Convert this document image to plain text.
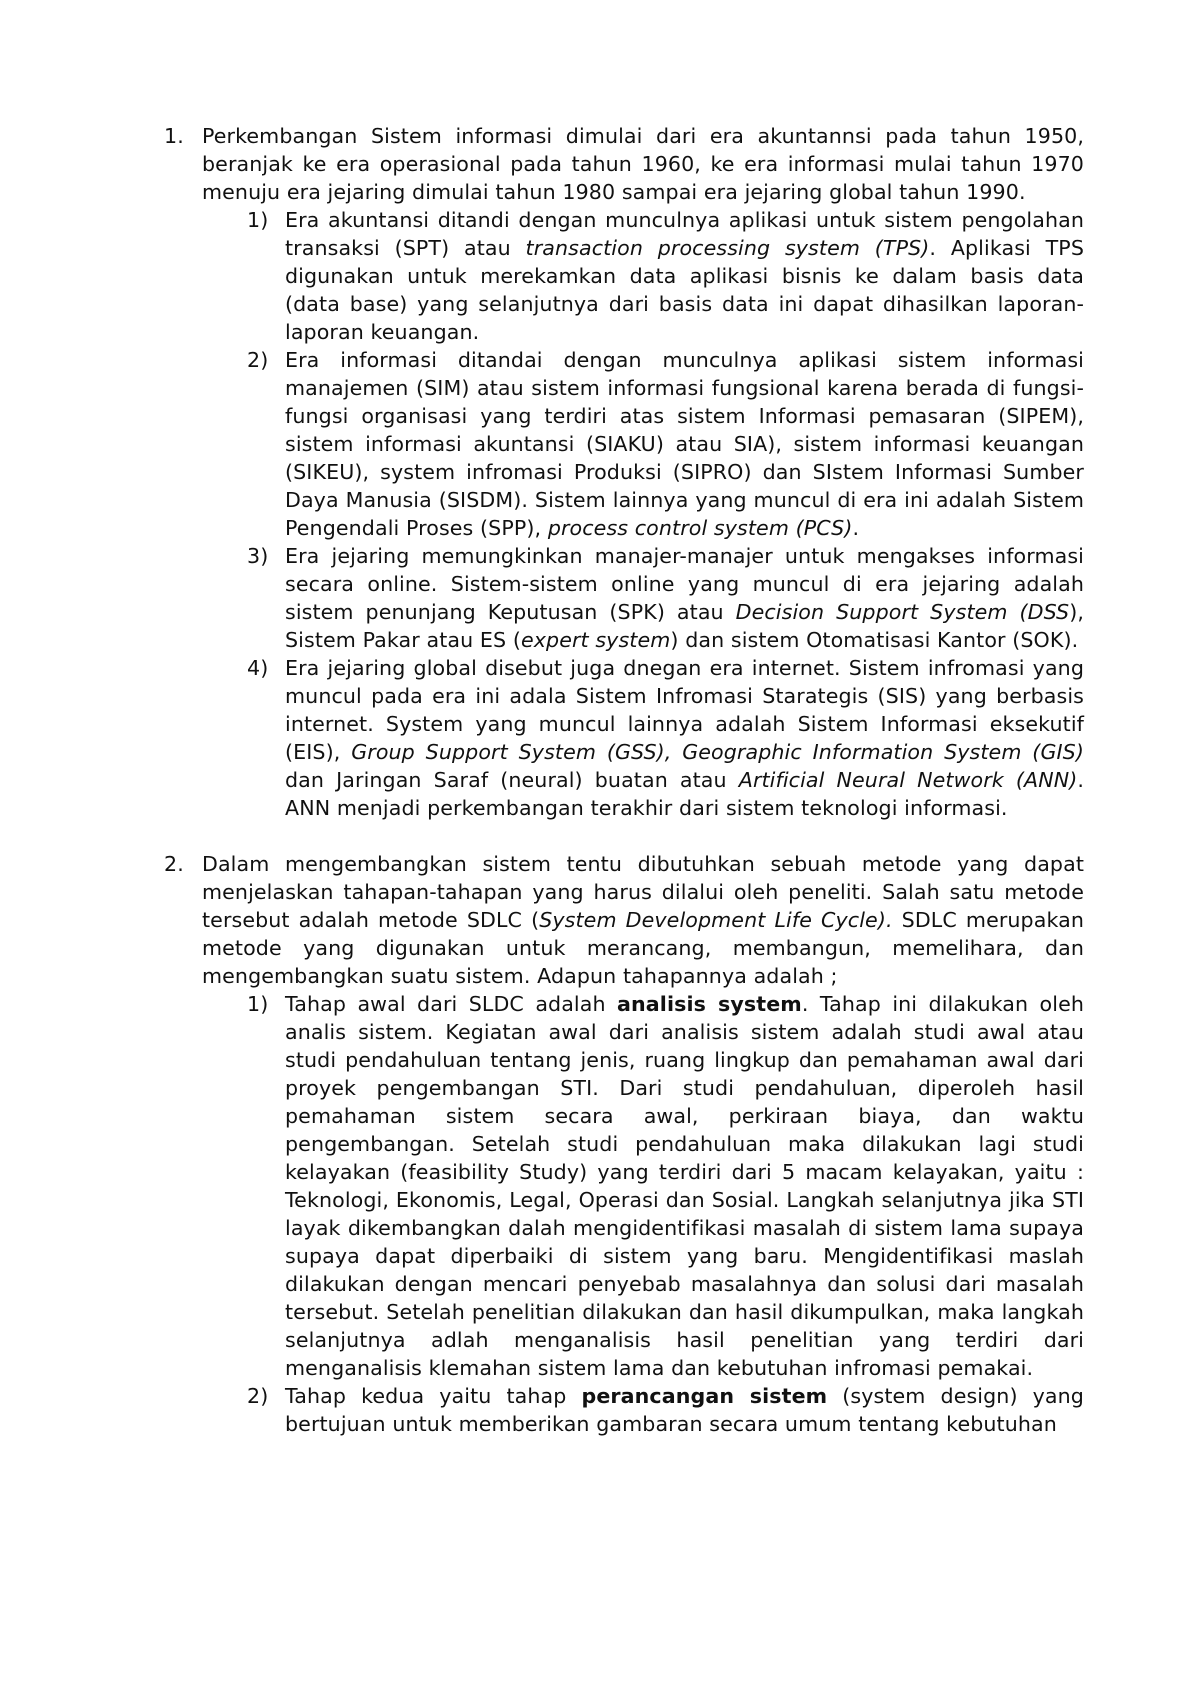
1. Perkembangan Sistem informasi dimulai dari era akuntannsi pada tahun 1950, beranjak ke era operasional pada tahun 1960, ke era informasi mulai tahun 1970 menuju era jejaring dimulai tahun 1980 sampai era jejaring global tahun 1990.

1) Era akuntansi ditandi dengan munculnya aplikasi untuk sistem pengolahan transaksi (SPT) atau transaction processing system (TPS). Aplikasi TPS digunakan untuk merekamkan data aplikasi bisnis ke dalam basis data (data base) yang selanjutnya dari basis data ini dapat dihasilkan laporan-laporan keuangan.

2) Era informasi ditandai dengan munculnya aplikasi sistem informasi manajemen (SIM) atau sistem informasi fungsional karena berada di fungsi-fungsi organisasi yang terdiri atas sistem Informasi pemasaran (SIPEM), sistem informasi akuntansi (SIAKU) atau SIA), sistem informasi keuangan (SIKEU), system infromasi Produksi (SIPRO) dan SIstem Informasi Sumber Daya Manusia (SISDM). Sistem lainnya yang muncul di era ini adalah Sistem Pengendali Proses (SPP), process control system (PCS).

3) Era jejaring memungkinkan manajer-manajer untuk mengakses informasi secara online. Sistem-sistem online yang muncul di era jejaring adalah sistem penunjang Keputusan (SPK) atau Decision Support System (DSS), Sistem Pakar atau ES (expert system) dan sistem Otomatisasi Kantor (SOK).

4) Era jejaring global disebut juga dnegan era internet. Sistem infromasi yang muncul pada era ini adala Sistem Infromasi Starategis (SIS) yang berbasis internet. System yang muncul lainnya adalah Sistem Informasi eksekutif (EIS), Group Support System (GSS), Geographic Information System (GIS) dan Jaringan Saraf (neural) buatan atau Artificial Neural Network (ANN). ANN menjadi perkembangan terakhir dari sistem teknologi informasi.

2. Dalam mengembangkan sistem tentu dibutuhkan sebuah metode yang dapat menjelaskan tahapan-tahapan yang harus dilalui oleh peneliti. Salah satu metode tersebut adalah metode SDLC (System Development Life Cycle). SDLC merupakan metode yang digunakan untuk merancang, membangun, memelihara, dan mengembangkan suatu sistem. Adapun tahapannya adalah ;

1) Tahap awal dari SLDC adalah analisis system. Tahap ini dilakukan oleh analis sistem. Kegiatan awal dari analisis sistem adalah studi awal atau studi pendahuluan tentang jenis, ruang lingkup dan pemahaman awal dari proyek pengembangan STI. Dari studi pendahuluan, diperoleh hasil pemahaman sistem secara awal, perkiraan biaya, dan waktu pengembangan. Setelah studi pendahuluan maka dilakukan lagi studi kelayakan (feasibility Study) yang terdiri dari 5 macam kelayakan, yaitu : Teknologi, Ekonomis, Legal, Operasi dan Sosial. Langkah selanjutnya jika STI layak dikembangkan dalah mengidentifikasi masalah di sistem lama supaya supaya dapat diperbaiki di sistem yang baru. Mengidentifikasi maslah dilakukan dengan mencari penyebab masalahnya dan solusi dari masalah tersebut. Setelah penelitian dilakukan dan hasil dikumpulkan, maka langkah selanjutnya adlah menganalisis hasil penelitian yang terdiri dari menganalisis klemahan sistem lama dan kebutuhan infromasi pemakai.

2) Tahap kedua yaitu tahap perancangan sistem (system design) yang bertujuan untuk memberikan gambaran secara umum tentang kebutuhan
